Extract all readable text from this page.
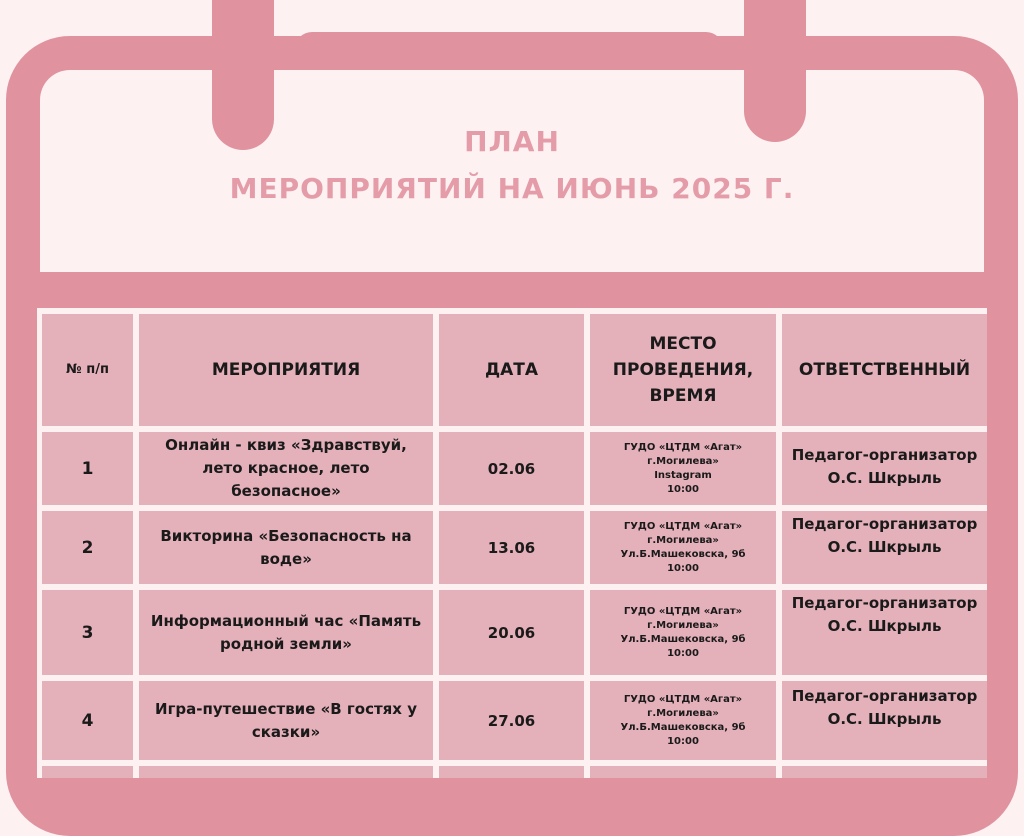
ПЛАН
МЕРОПРИЯТИЙ НА ИЮНЬ 2025 Г.
№ п/п	МЕРОПРИЯТИЯ	ДАТА
МЕСТО ПРОВЕДЕНИЯ, ВРЕМЯ
ОТВЕТСТВЕННЫЙ
1
Онлайн - квиз «Здравствуй, лето красное, лето безопасное»
02.06
ГУДО «ЦТДМ «Агат» г.Могилева»
Instagram
10:00
Педагог-организатор
О.С. Шкрыль
2
Викторина «Безопасность на воде»
13.06
ГУДО «ЦТДМ «Агат» г.Могилева»
Ул.Б.Машековска, 9б
10:00
Педагог-организатор
О.С. Шкрыль
3
Информационный час «Память родной земли»
20.06
ГУДО «ЦТДМ «Агат» г.Могилева»
Ул.Б.Машековска, 9б
10:00
Педагог-организатор
О.С. Шкрыль
4
Игра-путешествие «В гостях у сказки»
27.06
ГУДО «ЦТДМ «Агат» г.Могилева»
Ул.Б.Машековска, 9б
10:00
Педагог-организатор
О.С. Шкрыль
